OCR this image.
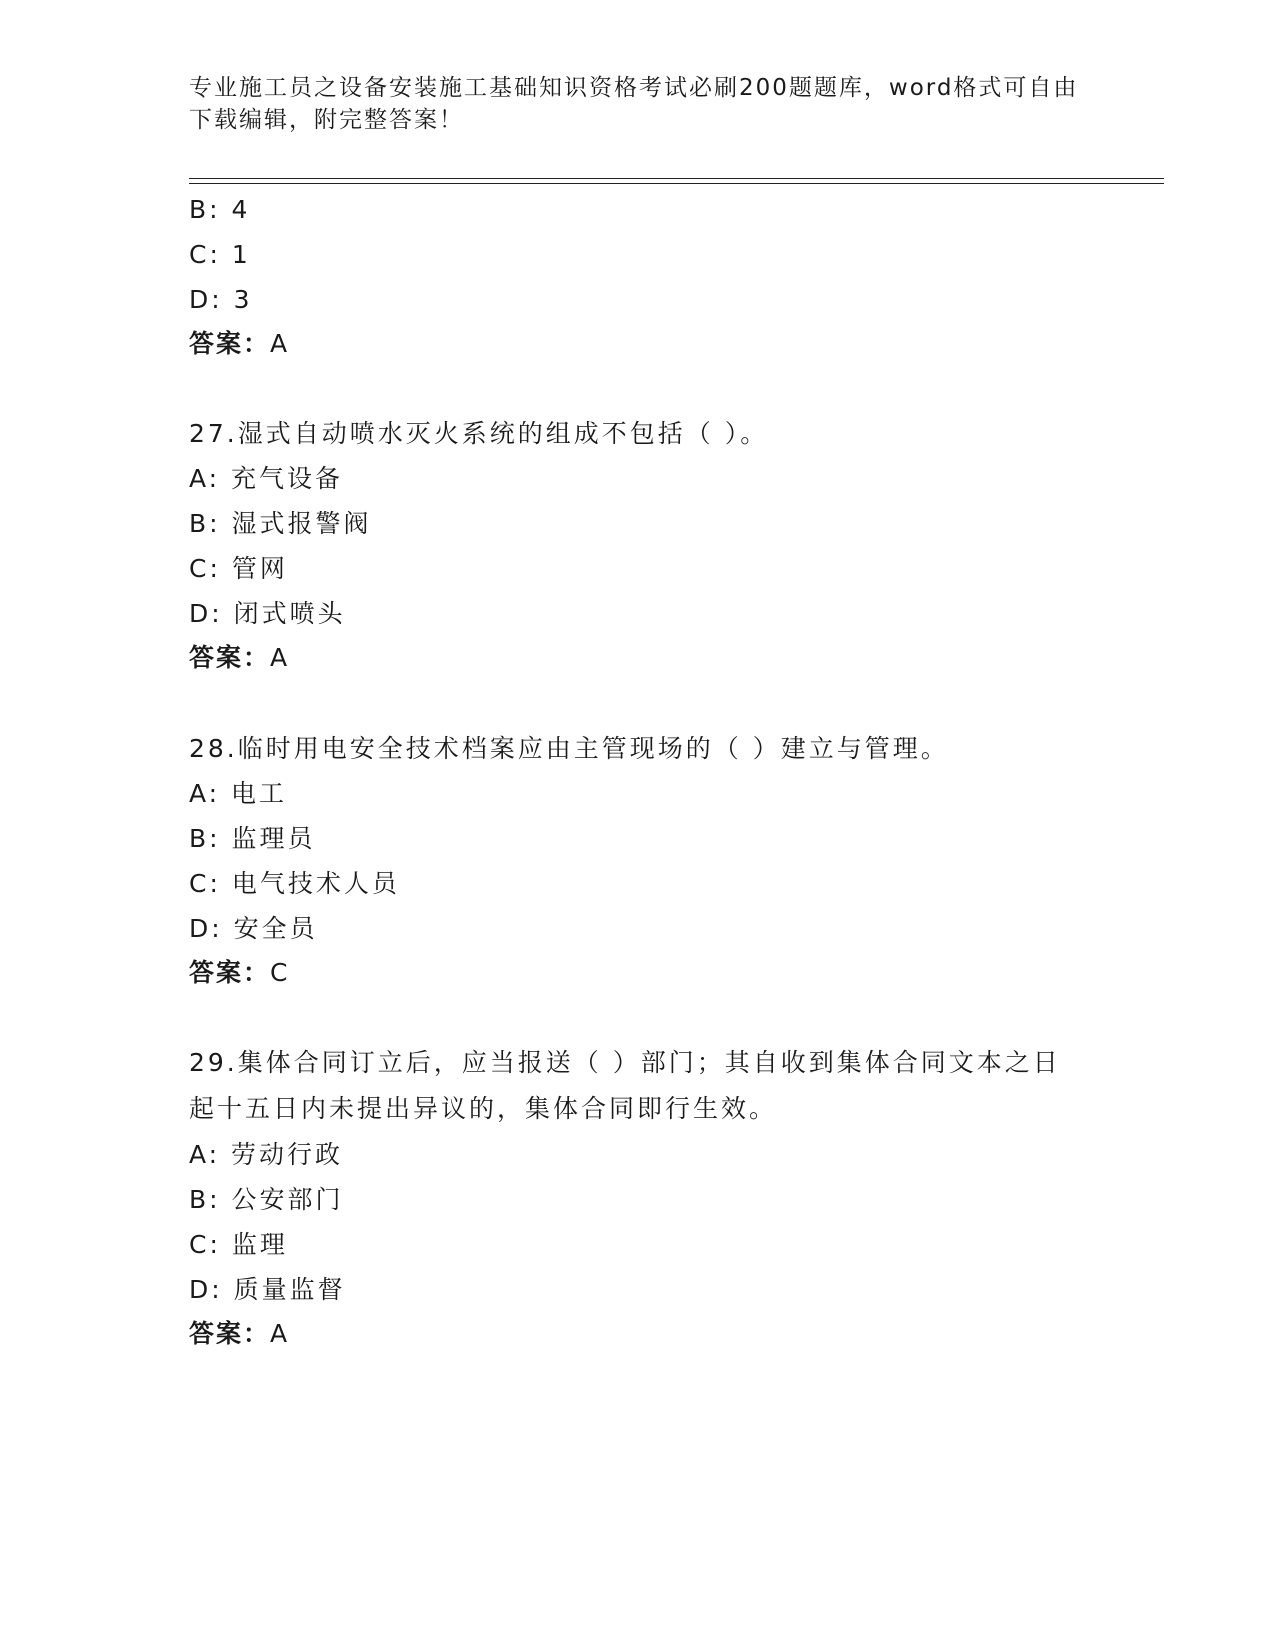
专业施工员之设备安装施工基础知识资格考试必刷200题题库，word格式可自由下载编辑，附完整答案！
B: 4
C: 1
D: 3
答案：A
27.湿式自动喷水灭火系统的组成不包括（ ）。
A: 充气设备
B: 湿式报警阀
C: 管网
D: 闭式喷头
答案：A
28.临时用电安全技术档案应由主管现场的（ ）建立与管理。
A: 电工
B: 监理员
C: 电气技术人员
D: 安全员
答案：C
29.集体合同订立后，应当报送（ ）部门；其自收到集体合同文本之日起十五日内未提出异议的，集体合同即行生效。
A: 劳动行政
B: 公安部门
C: 监理
D: 质量监督
答案：A
